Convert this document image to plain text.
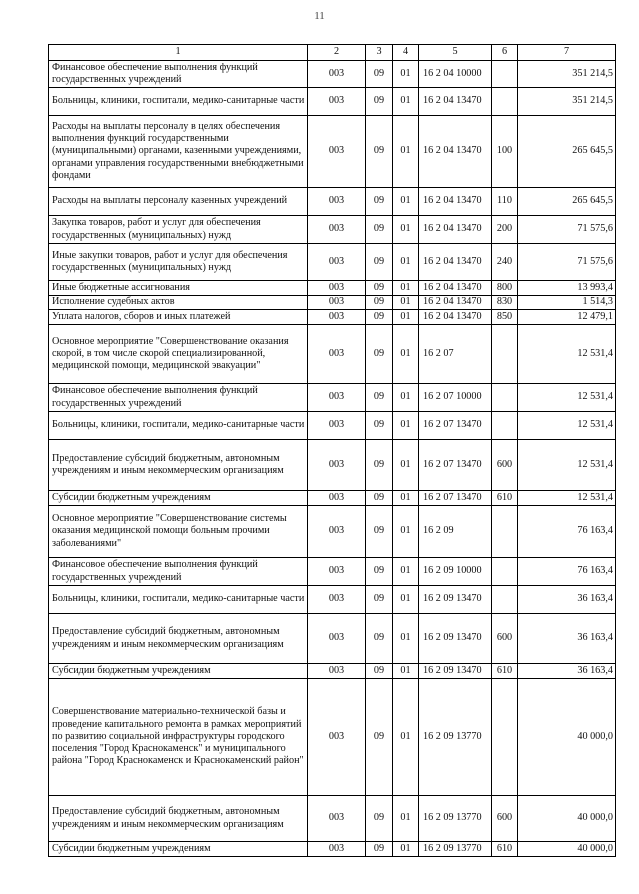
11
1	2	3	4	5	6	7
Финансовое обеспечение выполнения функций государственных учреждений	003	09	01	16 2 04 10000		351 214,5
Больницы, клиники, госпитали, медико-санитарные части	003	09	01	16 2 04 13470		351 214,5
Расходы на выплаты персоналу в целях обеспечения выполнения функций государственными (муниципальными) органами, казенными учреждениями, органами управления государственными внебюджетными фондами	003	09	01	16 2 04 13470	100	265 645,5
Расходы на выплаты персоналу казенных учреждений	003	09	01	16 2 04 13470	110	265 645,5
Закупка товаров, работ и услуг для обеспечения государственных (муниципальных) нужд	003	09	01	16 2 04 13470	200	71 575,6
Иные закупки товаров, работ и услуг для обеспечения государственных (муниципальных) нужд	003	09	01	16 2 04 13470	240	71 575,6
Иные бюджетные ассигнования	003	09	01	16 2 04 13470	800	13 993,4
Исполнение судебных актов	003	09	01	16 2 04 13470	830	1 514,3
Уплата налогов, сборов и иных платежей	003	09	01	16 2 04 13470	850	12 479,1
Основное мероприятие "Совершенствование оказания скорой, в том числе скорой специализированной, медицинской помощи, медицинской эвакуации"	003	09	01	16 2 07		12 531,4
Финансовое обеспечение выполнения функций государственных учреждений	003	09	01	16 2 07 10000		12 531,4
Больницы, клиники, госпитали, медико-санитарные части	003	09	01	16 2 07 13470		12 531,4
Предоставление субсидий бюджетным, автономным учреждениям и иным некоммерческим организациям	003	09	01	16 2 07 13470	600	12 531,4
Субсидии бюджетным учреждениям	003	09	01	16 2 07 13470	610	12 531,4
Основное мероприятие "Совершенствование системы оказания медицинской помощи больным прочими заболеваниями"	003	09	01	16 2 09		76 163,4
Финансовое обеспечение выполнения функций государственных учреждений	003	09	01	16 2 09 10000		76 163,4
Больницы, клиники, госпитали, медико-санитарные части	003	09	01	16 2 09 13470		36 163,4
Предоставление субсидий бюджетным, автономным учреждениям и иным некоммерческим организациям	003	09	01	16 2 09 13470	600	36 163,4
Субсидии бюджетным учреждениям	003	09	01	16 2 09 13470	610	36 163,4
Совершенствование материально-технической базы и проведение капитального ремонта в рамках мероприятий по развитию социальной инфраструктуры городского поселения "Город Краснокаменск" и муниципального района "Город Краснокаменск и Краснокаменский район"	003	09	01	16 2 09 13770		40 000,0
Предоставление субсидий бюджетным, автономным учреждениям и иным некоммерческим организациям	003	09	01	16 2 09 13770	600	40 000,0
Субсидии бюджетным учреждениям	003	09	01	16 2 09 13770	610	40 000,0
